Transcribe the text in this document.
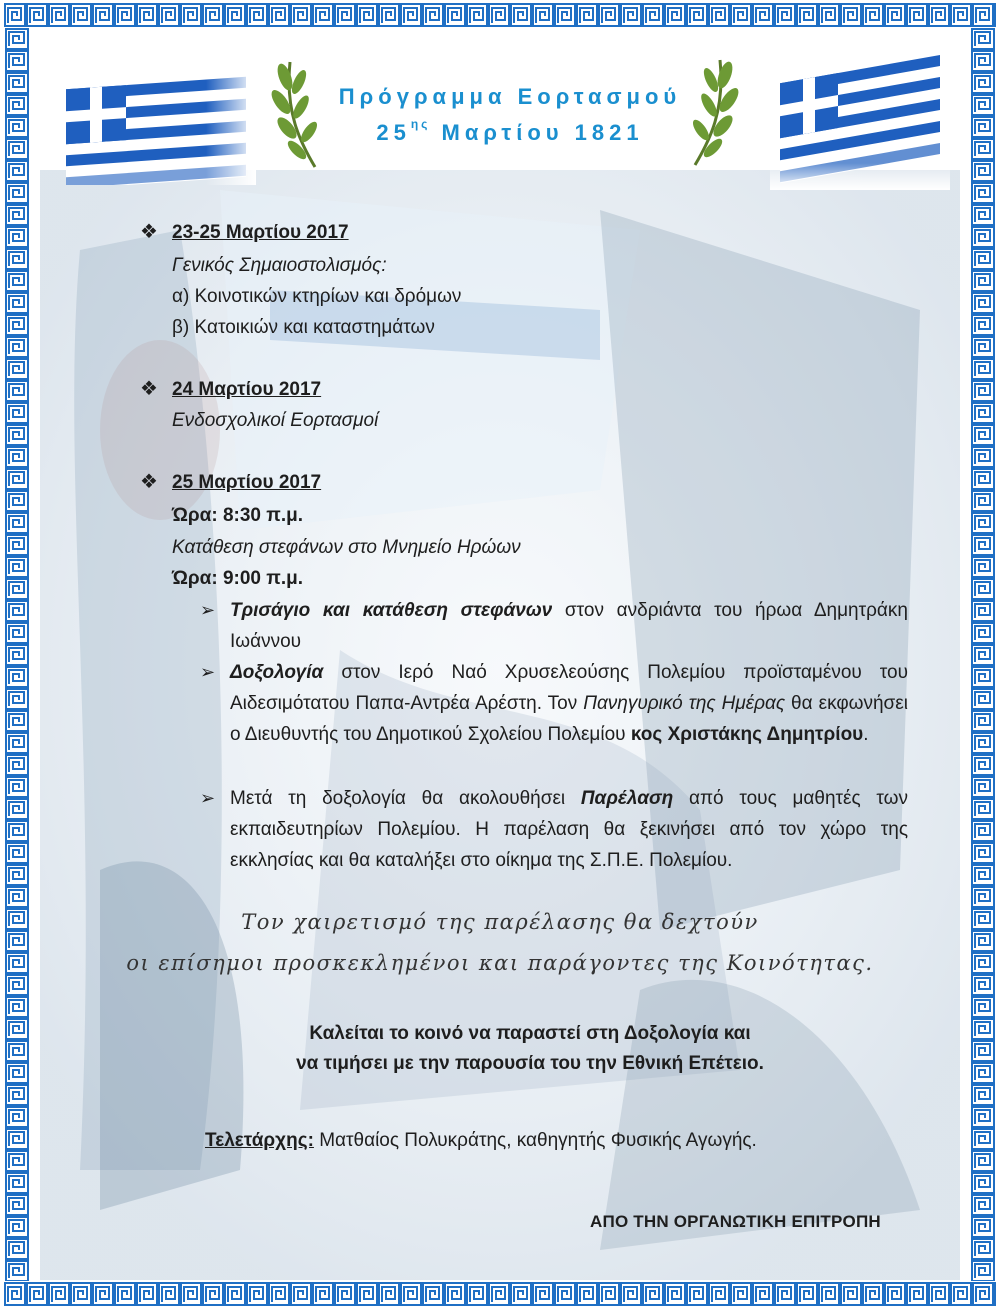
Πρόγραμμα Εορτασμού
$25^{\eta\varsigma}$ Μαρτίου 1821
❖ 23-25 Μαρτίου 2017
Γενικός Σημαιοστολισμός:
α) Κοινοτικών κτηρίων και δρόμων
β) Κατοικιών και καταστημάτων
❖ 24 Μαρτίου 2017
Ενδοσχολικοί Εορτασμοί
❖ 25 Μαρτίου 2017
Ώρα: 8:30 π.μ.
Κατάθεση στεφάνων στο Μνημείο Ηρώων
Ώρα: 9:00 π.μ.
➢ Τρισάγιο και κατάθεση στεφάνων στον ανδριάντα του ήρωα Δημητράκη Ιωάννου

➢ Δοξολογία στον Ιερό Ναό Χρυσελεούσης Πολεμίου προϊσταμένου του Αιδεσιμότατου Παπα-Αντρέα Αρέστη. Τον Πανηγυρικό της Ημέρας θα εκφωνήσει ο Διευθυντής του Δημοτικού Σχολείου Πολεμίου κος Χριστάκης Δημητρίου.

➢ Μετά τη δοξολογία θα ακολουθήσει Παρέλαση από τους μαθητές των εκπαιδευτηρίων Πολεμίου. Η παρέλαση θα ξεκινήσει από τον χώρο της εκκλησίας και θα καταλήξει στο οίκημα της Σ.Π.Ε. Πολεμίου.

Τον χαιρετισμό της παρέλασης θα δεχτούν

οι επίσημοι προσκεκλημένοι και παράγοντες της Κοινότητας.

Καλείται το κοινό να παραστεί στη Δοξολογία και

να τιμήσει με την παρουσία του την Εθνική Επέτειο.

Τελετάρχης: Ματθαίος Πολυκράτης, καθηγητής Φυσικής Αγωγής.
ΑΠΟ ΤΗΝ ΟΡΓΑΝΩΤΙΚΗ ΕΠΙΤΡΟΠΗ
